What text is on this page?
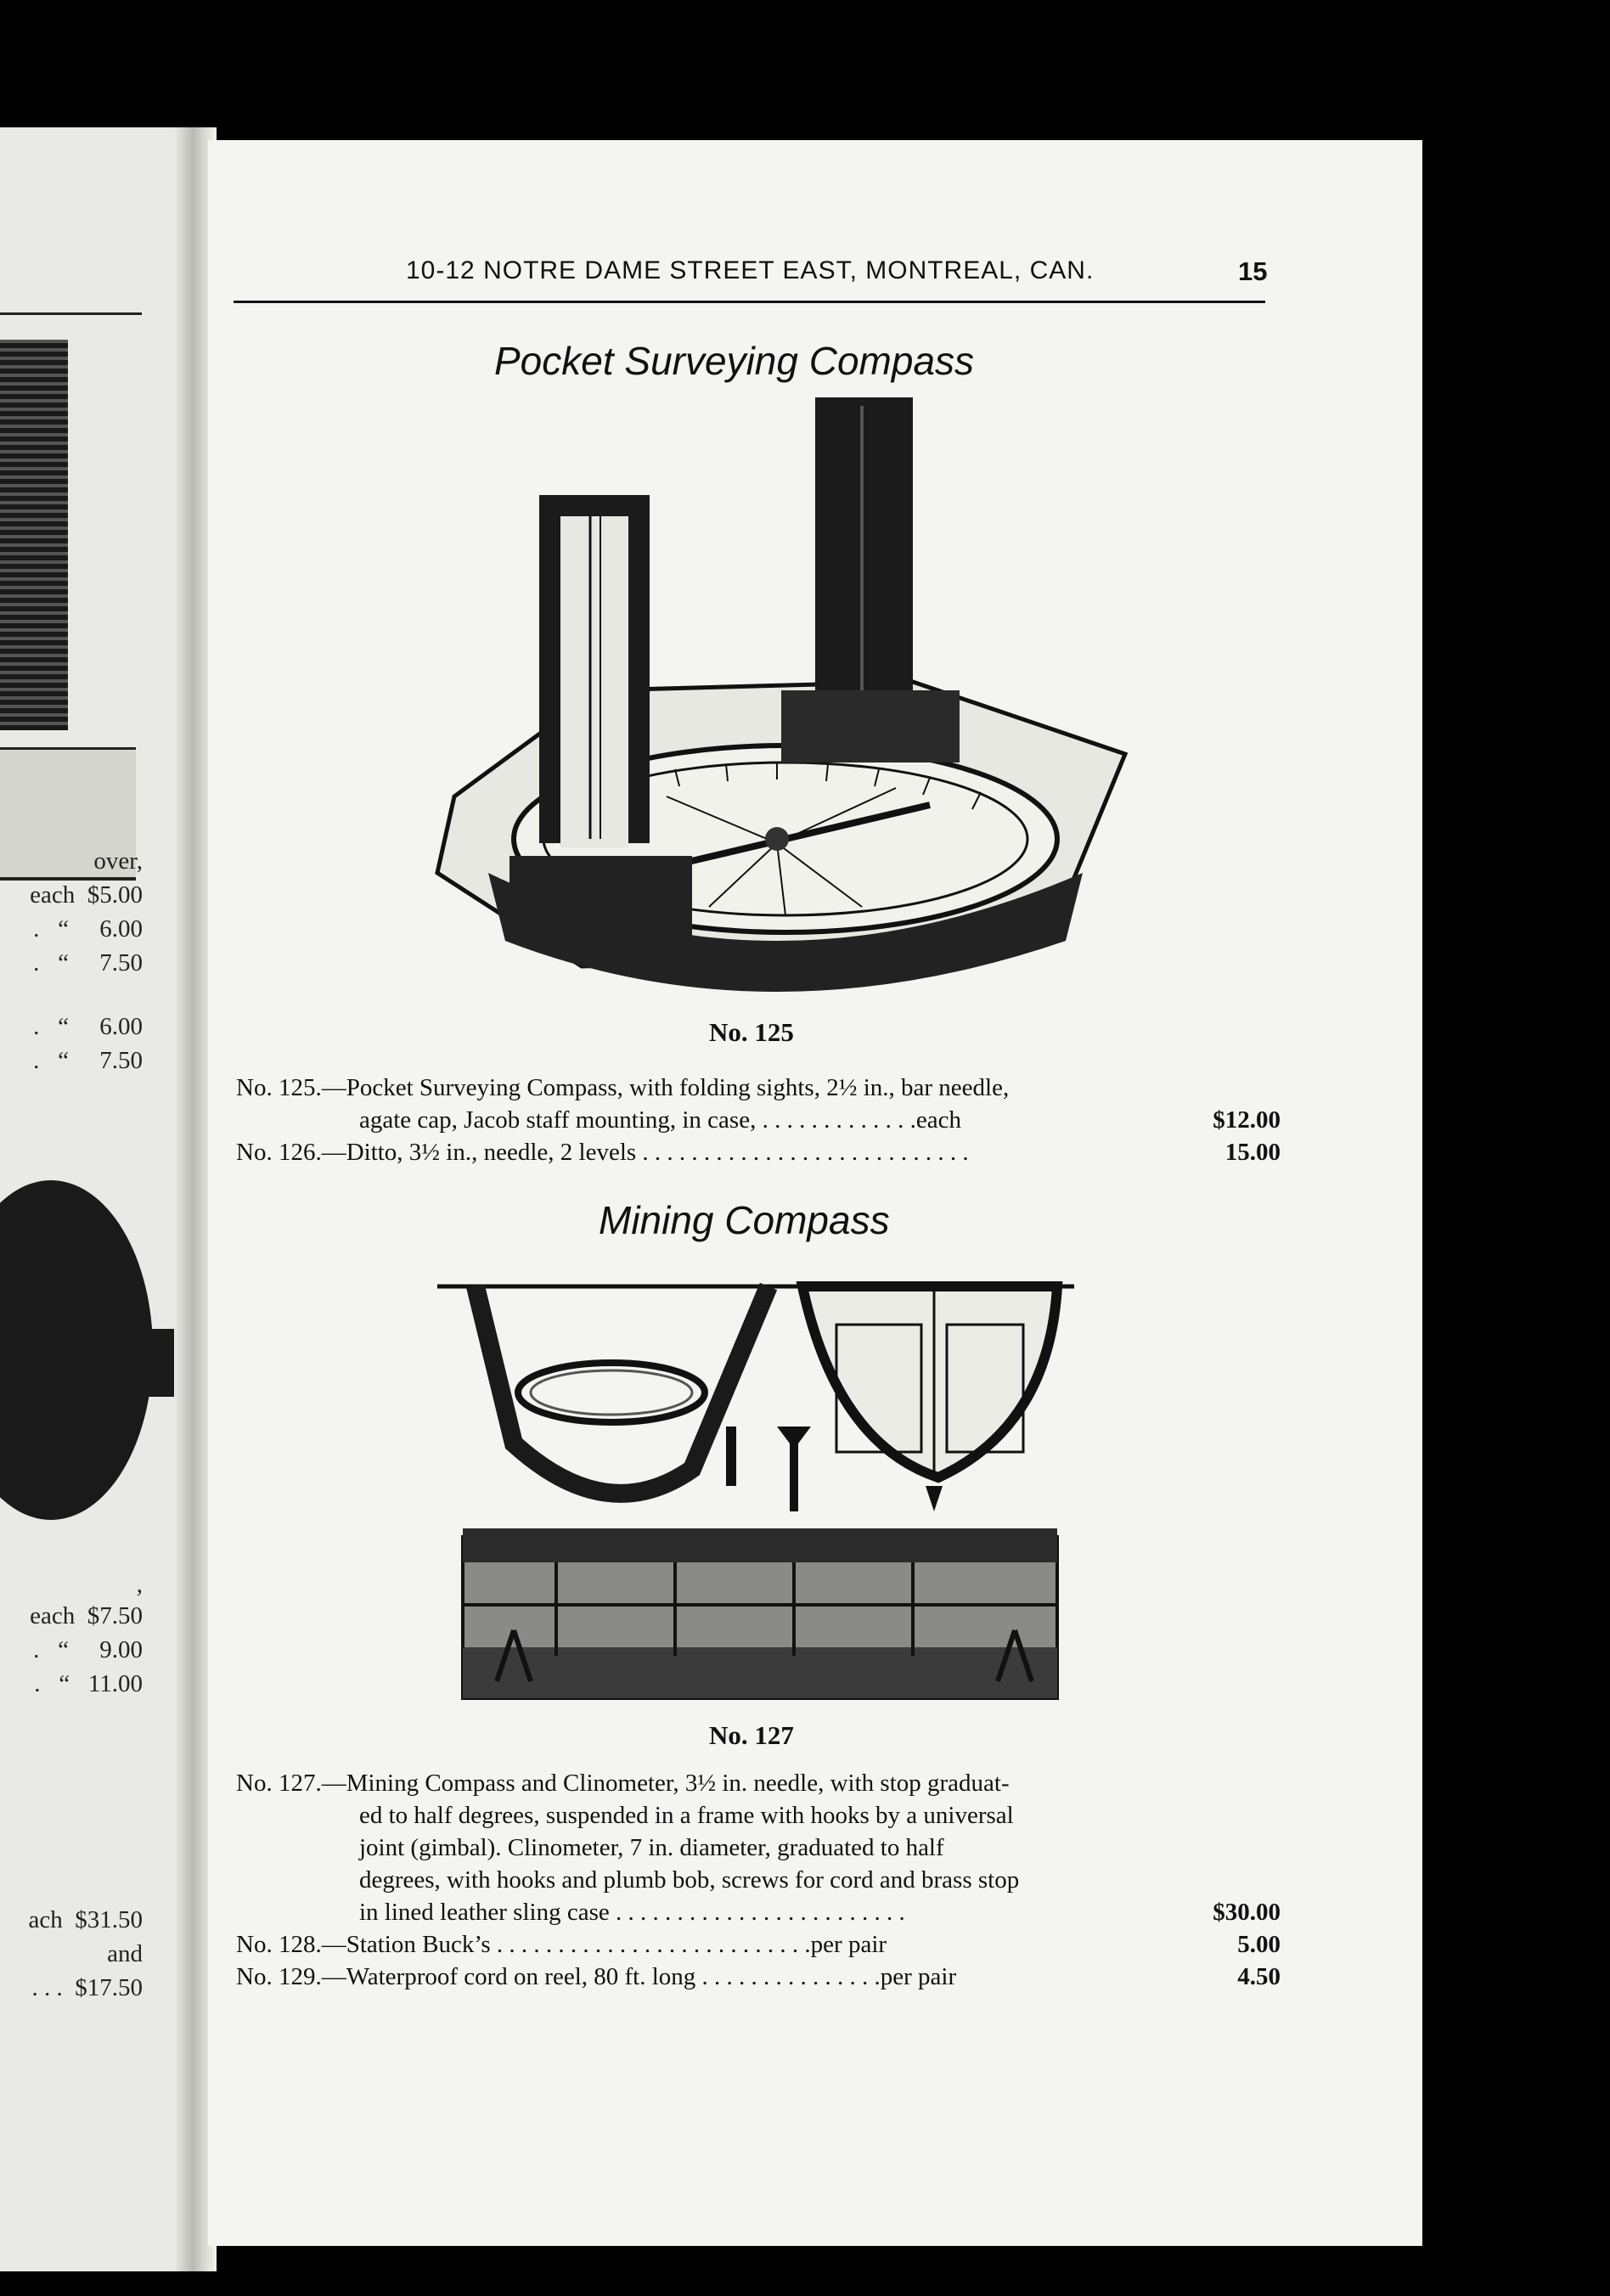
over,
each  $5.00
.   “     6.00
.   “     7.50
.   “     6.00
.   “     7.50
,
each  $7.50
.   “     9.00
.   “   11.00
ach  $31.50
and
. . .  $17.50
10-12 NOTRE DAME STREET EAST, MONTREAL, CAN.	15
Pocket Surveying Compass
No. 125
No. 125.—Pocket Surveying Compass, with folding sights, 2½ in., bar needle,
agate cap, Jacob staff mounting, in case, . . . . . . . . . . . . .each	$12.00
No. 126.—Ditto, 3½ in., needle, 2 levels . . . . . . . . . . . . . . . . . . . . . . . . . . .	15.00
Mining Compass
No. 127
No. 127.—Mining Compass and Clinometer, 3½ in. needle, with stop graduat-
ed to half degrees, suspended in a frame with hooks by a universal
joint (gimbal). Clinometer, 7 in. diameter, graduated to half
degrees, with hooks and plumb bob, screws for cord and brass stop
in lined leather sling case . . . . . . . . . . . . . . . . . . . . . . . .	$30.00
No. 128.—Station Buck’s . . . . . . . . . . . . . . . . . . . . . . . . . .per pair	5.00
No. 129.—Waterproof cord on reel, 80 ft. long . . . . . . . . . . . . . . .per pair	4.50
